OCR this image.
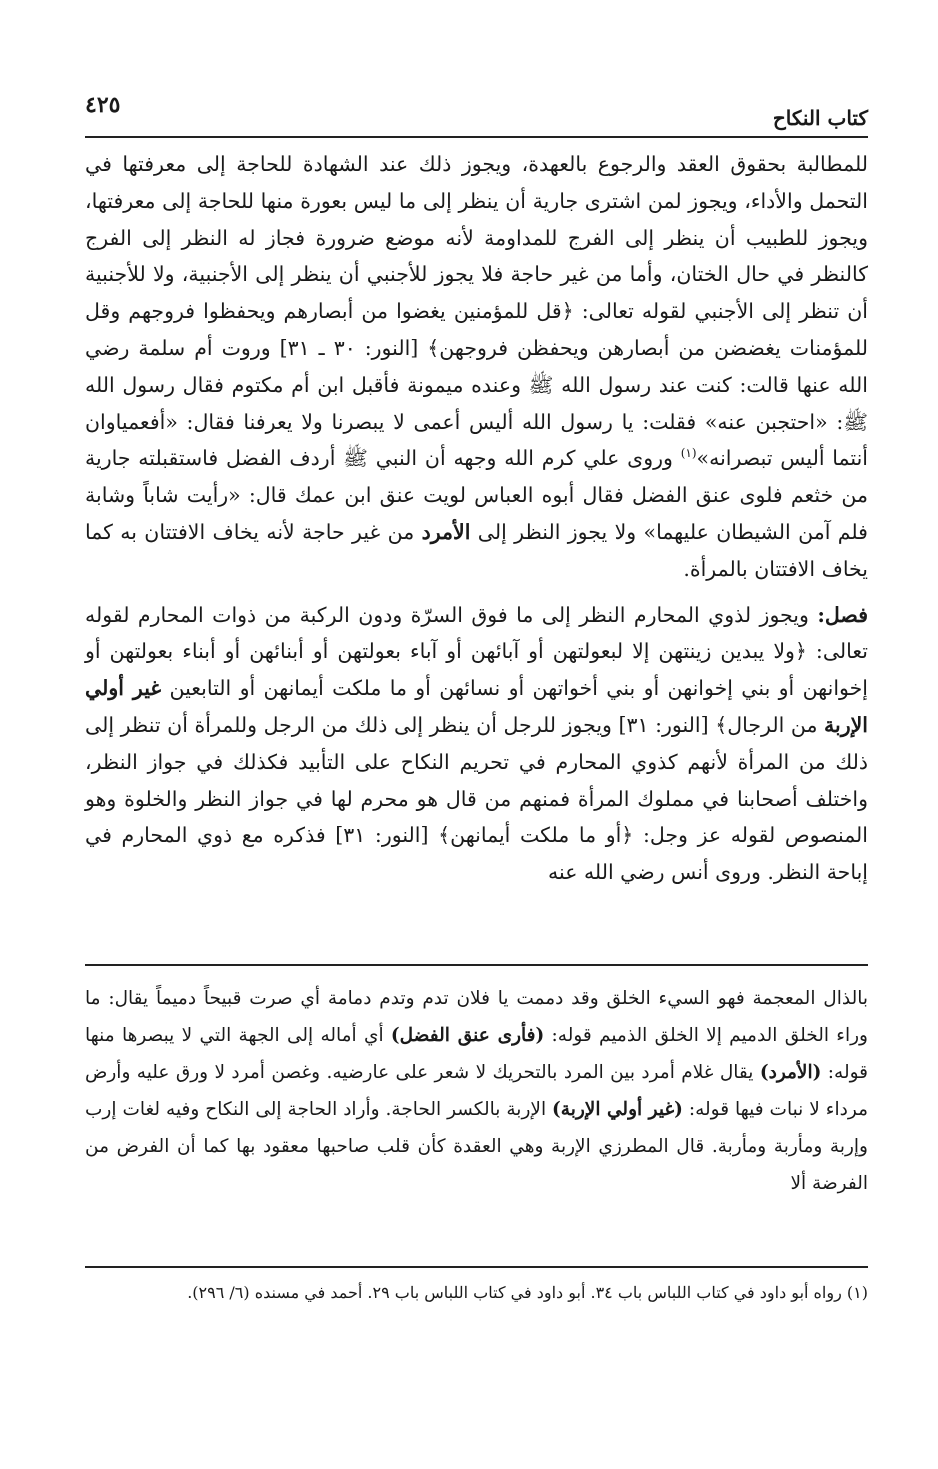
كتاب النكاح
٤٢٥

للمطالبة بحقوق العقد والرجوع بالعهدة، ويجوز ذلك عند الشهادة للحاجة إلى معرفتها في التحمل والأداء، ويجوز لمن اشترى جارية أن ينظر إلى ما ليس بعورة منها للحاجة إلى معرفتها، ويجوز للطبيب أن ينظر إلى الفرج للمداومة لأنه موضع ضرورة فجاز له النظر إلى الفرج كالنظر في حال الختان، وأما من غير حاجة فلا يجوز للأجنبي أن ينظر إلى الأجنبية، ولا للأجنبية أن تنظر إلى الأجنبي لقوله تعالى: ﴿قل للمؤمنين يغضوا من أبصارهم ويحفظوا فروجهم وقل للمؤمنات يغضضن من أبصارهن ويحفظن فروجهن﴾ [النور: ٣٠ ـ ٣١] وروت أم سلمة رضي الله عنها قالت: كنت عند رسول الله ﷺ وعنده ميمونة فأقبل ابن أم مكتوم فقال رسول الله ﷺ: «احتجبن عنه» فقلت: يا رسول الله أليس أعمى لا يبصرنا ولا يعرفنا فقال: «أفعمياوان أنتما أليس تبصرانه»$^{(١)}$ وروى علي كرم الله وجهه أن النبي ﷺ أردف الفضل فاستقبلته جارية من خثعم فلوى عنق الفضل فقال أبوه العباس لويت عنق ابن عمك قال: «رأيت شاباً وشابة فلم آمن الشيطان عليهما» ولا يجوز النظر إلى الأمرد من غير حاجة لأنه يخاف الافتتان به كما يخاف الافتتان بالمرأة.

فصل: ويجوز لذوي المحارم النظر إلى ما فوق السرّة ودون الركبة من ذوات المحارم لقوله تعالى: ﴿ولا يبدين زينتهن إلا لبعولتهن أو آبائهن أو آباء بعولتهن أو أبنائهن أو أبناء بعولتهن أو إخوانهن أو بني إخوانهن أو بني أخواتهن أو نسائهن أو ما ملكت أيمانهن أو التابعين غير أولي الإربة من الرجال﴾ [النور: ٣١] ويجوز للرجل أن ينظر إلى ذلك من الرجل وللمرأة أن تنظر إلى ذلك من المرأة لأنهم كذوي المحارم في تحريم النكاح على التأبيد فكذلك في جواز النظر، واختلف أصحابنا في مملوك المرأة فمنهم من قال هو محرم لها في جواز النظر والخلوة وهو المنصوص لقوله عز وجل: ﴿أو ما ملكت أيمانهن﴾ [النور: ٣١] فذكره مع ذوي المحارم في إباحة النظر. وروى أنس رضي الله عنه

بالذال المعجمة فهو السيء الخلق وقد دممت يا فلان تدم وتدم دمامة أي صرت قبيحاً دميماً يقال: ما وراء الخلق الدميم إلا الخلق الذميم قوله: (فأرى عنق الفضل) أي أماله إلى الجهة التي لا يبصرها منها قوله: (الأمرد) يقال غلام أمرد بين المرد بالتحريك لا شعر على عارضيه. وغصن أمرد لا ورق عليه وأرض مرداء لا نبات فيها قوله: (غير أولي الإربة) الإربة بالكسر الحاجة. وأراد الحاجة إلى النكاح وفيه لغات إرب وإربة ومأربة ومأربة. قال المطرزي الإربة وهي العقدة كأن قلب صاحبها معقود بها كما أن الفرض من الفرضة ألا

(١) رواه أبو داود في كتاب اللباس باب ٣٤. أبو داود في كتاب اللباس باب ٢٩. أحمد في مسنده (٦/ ٢٩٦).
